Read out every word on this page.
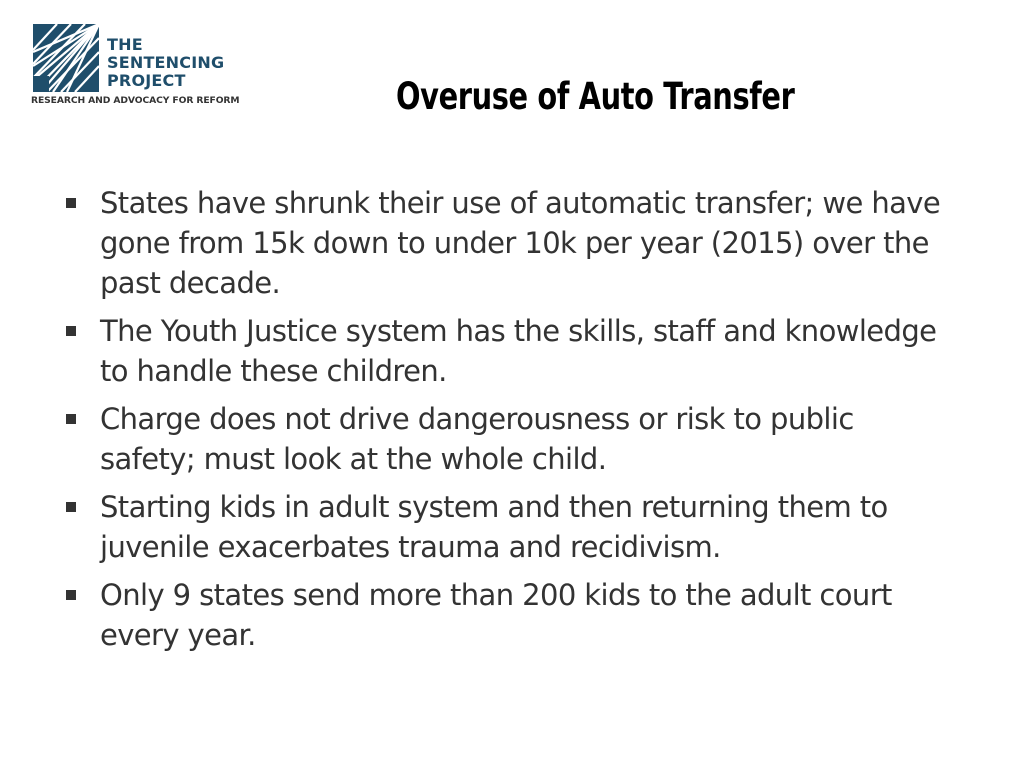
THE
SENTENCING
PROJECT
RESEARCH AND ADVOCACY FOR REFORM	Overuse of Auto Transfer
States have shrunk their use of automatic transfer; we have gone from 15k down to under 10k per year (2015) over the past decade.
The Youth Justice system has the skills, staff and knowledge to handle these children.
Charge does not drive dangerousness or risk to public safety; must look at the whole child.
Starting kids in adult system and then returning them to juvenile exacerbates trauma and recidivism.
Only 9 states send more than 200 kids to the adult court every year.
